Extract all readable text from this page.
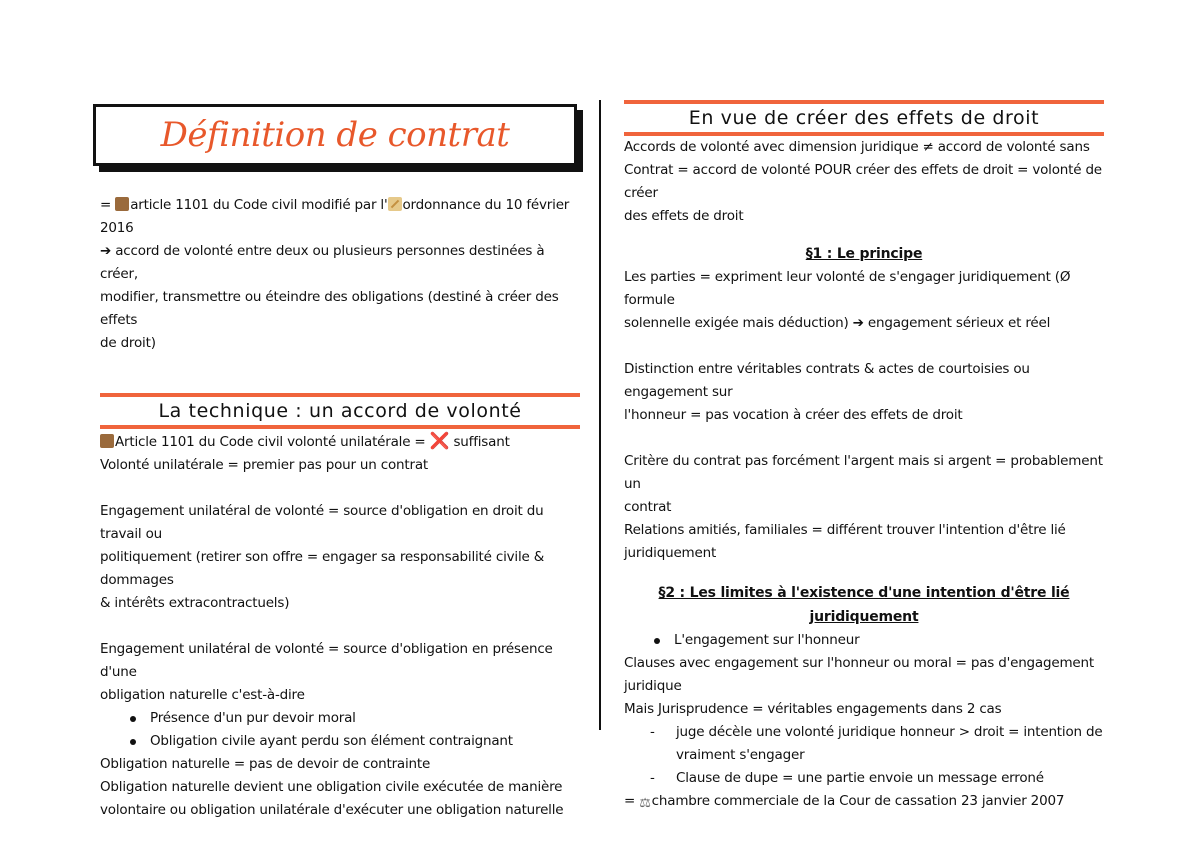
Définition de contrat

= article 1101 du Code civil modifié par l' ordonnance du 10 février 2016

➔ accord de volonté entre deux ou plusieurs personnes destinées à créer,

modifier, transmettre ou éteindre des obligations (destiné à créer des effets

de droit)

La technique : un accord de volonté

Article 1101 du Code civil volonté unilatérale = ❌ suffisant

Volonté unilatérale = premier pas pour un contrat

Engagement unilatéral de volonté = source d'obligation en droit du travail ou

politiquement (retirer son offre = engager sa responsabilité civile & dommages

& intérêts extracontractuels)

Engagement unilatéral de volonté = source d'obligation en présence d'une

obligation naturelle c'est-à-dire

Présence d'un pur devoir moral
Obligation civile ayant perdu son élément contraignant

Obligation naturelle = pas de devoir de contrainte

Obligation naturelle devient une obligation civile exécutée de manière

volontaire ou obligation unilatérale d'exécuter une obligation naturelle

En vue de créer des effets de droit

Accords de volonté avec dimension juridique ≠ accord de volonté sans

Contrat = accord de volonté POUR créer des effets de droit = volonté de créer

des effets de droit

§1 : Le principe

Les parties = expriment leur volonté de s'engager juridiquement (Ø formule

solennelle exigée mais déduction) ➔ engagement sérieux et réel

Distinction entre véritables contrats & actes de courtoisies ou engagement sur

l'honneur = pas vocation à créer des effets de droit

Critère du contrat pas forcément l'argent mais si argent = probablement un

contrat

Relations amitiés, familiales = différent trouver l'intention d'être lié

juridiquement

§2 : Les limites à l'existence d'une intention d'être lié juridiquement
L'engagement sur l'honneur

Clauses avec engagement sur l'honneur ou moral = pas d'engagement juridique

Mais Jurisprudence = véritables engagements dans 2 cas

- juge décèle une volonté juridique honneur > droit = intention de
vraiment s'engager
- Clause de dupe = une partie envoie un message erroné

= ⚖chambre commerciale de la Cour de cassation 23 janvier 2007
